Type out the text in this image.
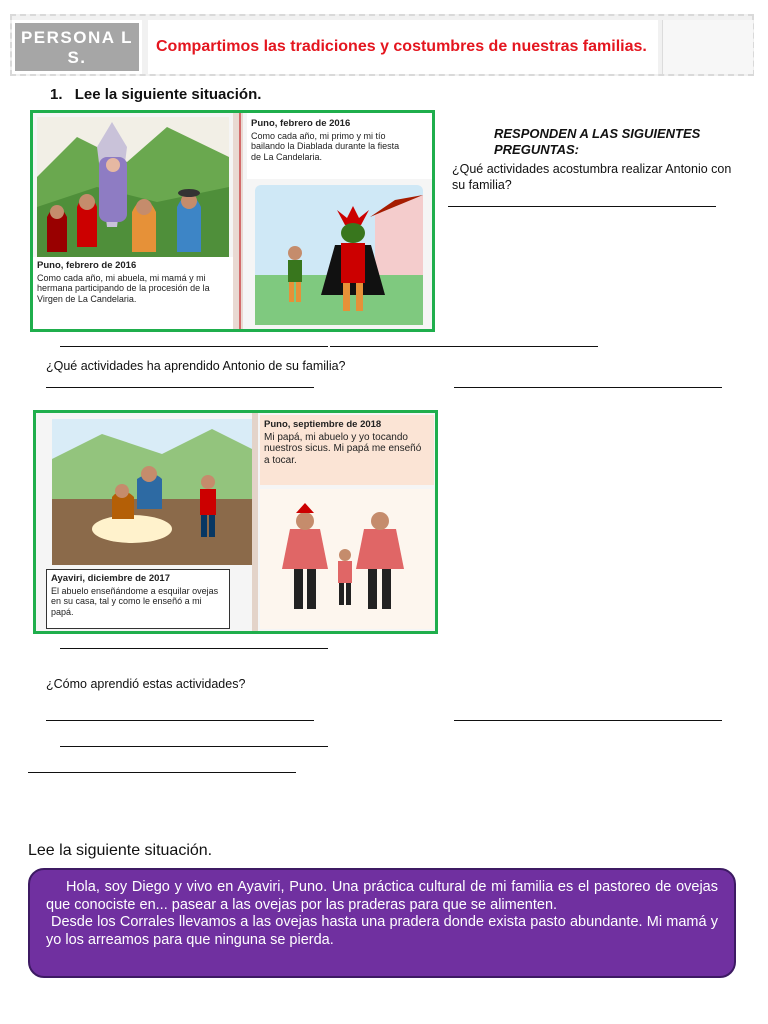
PERSONA L S.
Compartimos las tradiciones y costumbres de nuestras familias.
1. Lee la siguiente situación.
Puno, febrero de 2016
Como cada año, mi abuela, mi mamá y mi hermana participando de la procesión de la Virgen de La Candelaria.
Puno, febrero de 2016
Como cada año, mi primo y mi tío bailando la Diablada durante la fiesta de La Candelaria.
RESPONDEN A LAS SIGUIENTES PREGUNTAS:
¿Qué actividades acostumbra realizar Antonio con su familia?
¿Qué actividades ha aprendido Antonio de su familia?
Ayaviri, diciembre de 2017
El abuelo enseñándome a esquilar ovejas en su casa, tal y como le enseñó a mi papá.
Puno, septiembre de 2018
Mi papá, mi abuelo y yo tocando nuestros sicus. Mi papá me enseñó a tocar.
¿Cómo aprendió estas actividades?
Lee la siguiente situación.

Hola, soy Diego y vivo en Ayaviri, Puno. Una práctica cultural de mi familia es el pastoreo de ovejas que conociste en... pasear a las ovejas por las praderas para que se alimenten.

Desde los Corrales llevamos a las ovejas hasta una pradera donde exista pasto abundante. Mi mamá y yo los arreamos para que ninguna se pierda.
